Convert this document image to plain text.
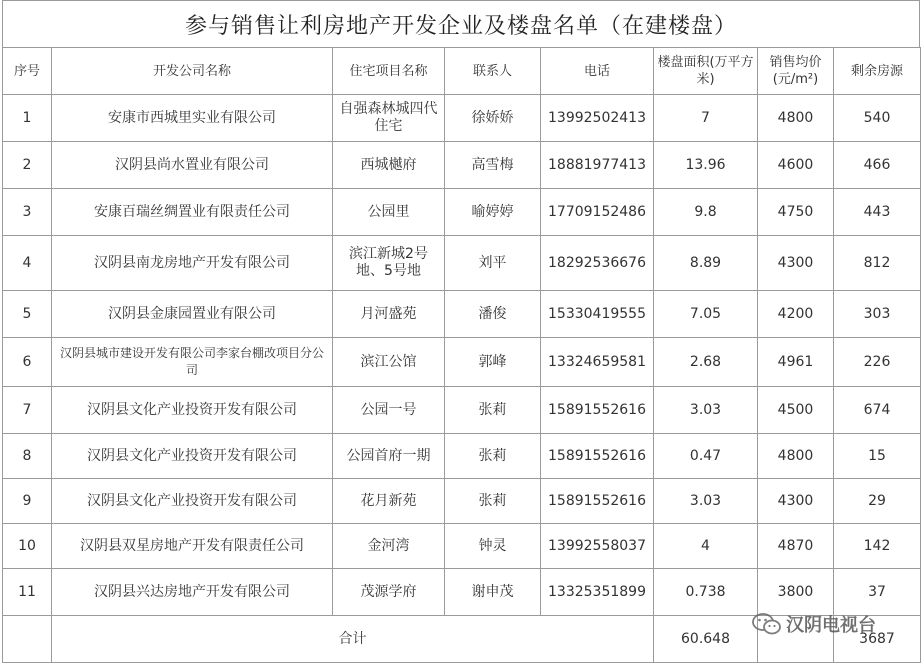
参与销售让利房地产开发企业及楼盘名单（在建楼盘）
序号	开发公司名称	住宅项目名称	联系人	电话	楼盘面积(万平方米)	销售均价(元/m²)	剩余房源
1	安康市西城里实业有限公司	自强森林城四代住宅	徐娇娇	13992502413	7	4800	540
2	汉阴县尚水置业有限公司	西城樾府	高雪梅	18881977413	13.96	4600	466
3	安康百瑞丝绸置业有限责任公司	公园里	喻婷婷	17709152486	9.8	4750	443
4	汉阴县南龙房地产开发有限公司	滨江新城2号地、5号地	刘平	18292536676	8.89	4300	812
5	汉阴县金康园置业有限公司	月河盛苑	潘俊	15330419555	7.05	4200	303
6	汉阴县城市建设开发有限公司李家台棚改项目分公司	滨江公馆	郭峰	13324659581	2.68	4961	226
7	汉阴县文化产业投资开发有限公司	公园一号	张莉	15891552616	3.03	4500	674
8	汉阴县文化产业投资开发有限公司	公园首府一期	张莉	15891552616	0.47	4800	15
9	汉阴县文化产业投资开发有限公司	花月新苑	张莉	15891552616	3.03	4300	29
10	汉阴县双星房地产开发有限责任公司	金河湾	钟灵	13992558037	4	4870	142
11	汉阴县兴达房地产开发有限公司	茂源学府	谢申茂	13325351899	0.738	3800	37
	合计				60.648		3687
汉阴电视台
